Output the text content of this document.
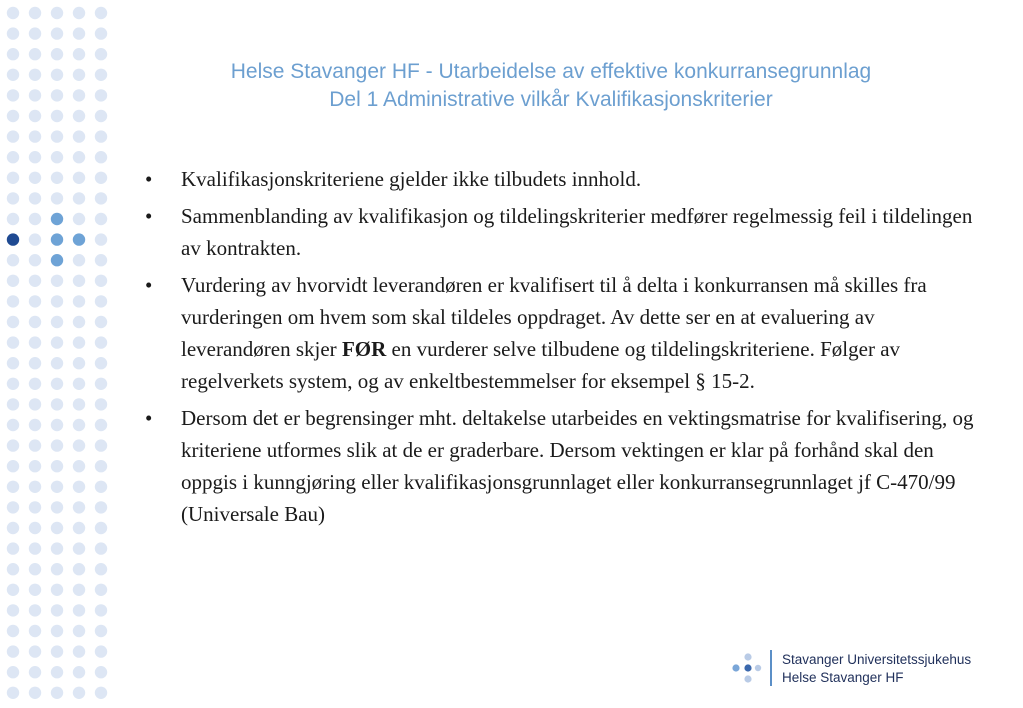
Helse Stavanger HF - Utarbeidelse av effektive konkurransegrunnlag
Del 1 Administrative vilkår Kvalifikasjonskriterier
•	Kvalifikasjonskriteriene gjelder ikke tilbudets innhold.
•	Sammenblanding av kvalifikasjon og tildelingskriterier medfører regelmessig feil i tildelingen av kontrakten.
•	Vurdering av hvorvidt leverandøren er kvalifisert til å delta i konkurransen må skilles fra vurderingen om hvem som skal tildeles oppdraget. Av dette ser en at evaluering av leverandøren skjer FØR en vurderer selve tilbudene og tildelingskriteriene. Følger av regelverkets system, og av enkeltbestemmelser for eksempel § 15-2.
•	Dersom det er begrensinger mht. deltakelse utarbeides en vektingsmatrise for kvalifisering, og kriteriene utformes slik at de er graderbare. Dersom vektingen er klar på forhånd skal den oppgis i kunngjøring eller kvalifikasjonsgrunnlaget eller konkurransegrunnlaget jf C-470/99 (Universale Bau)
Stavanger Universitetssjukehus
Helse Stavanger HF
